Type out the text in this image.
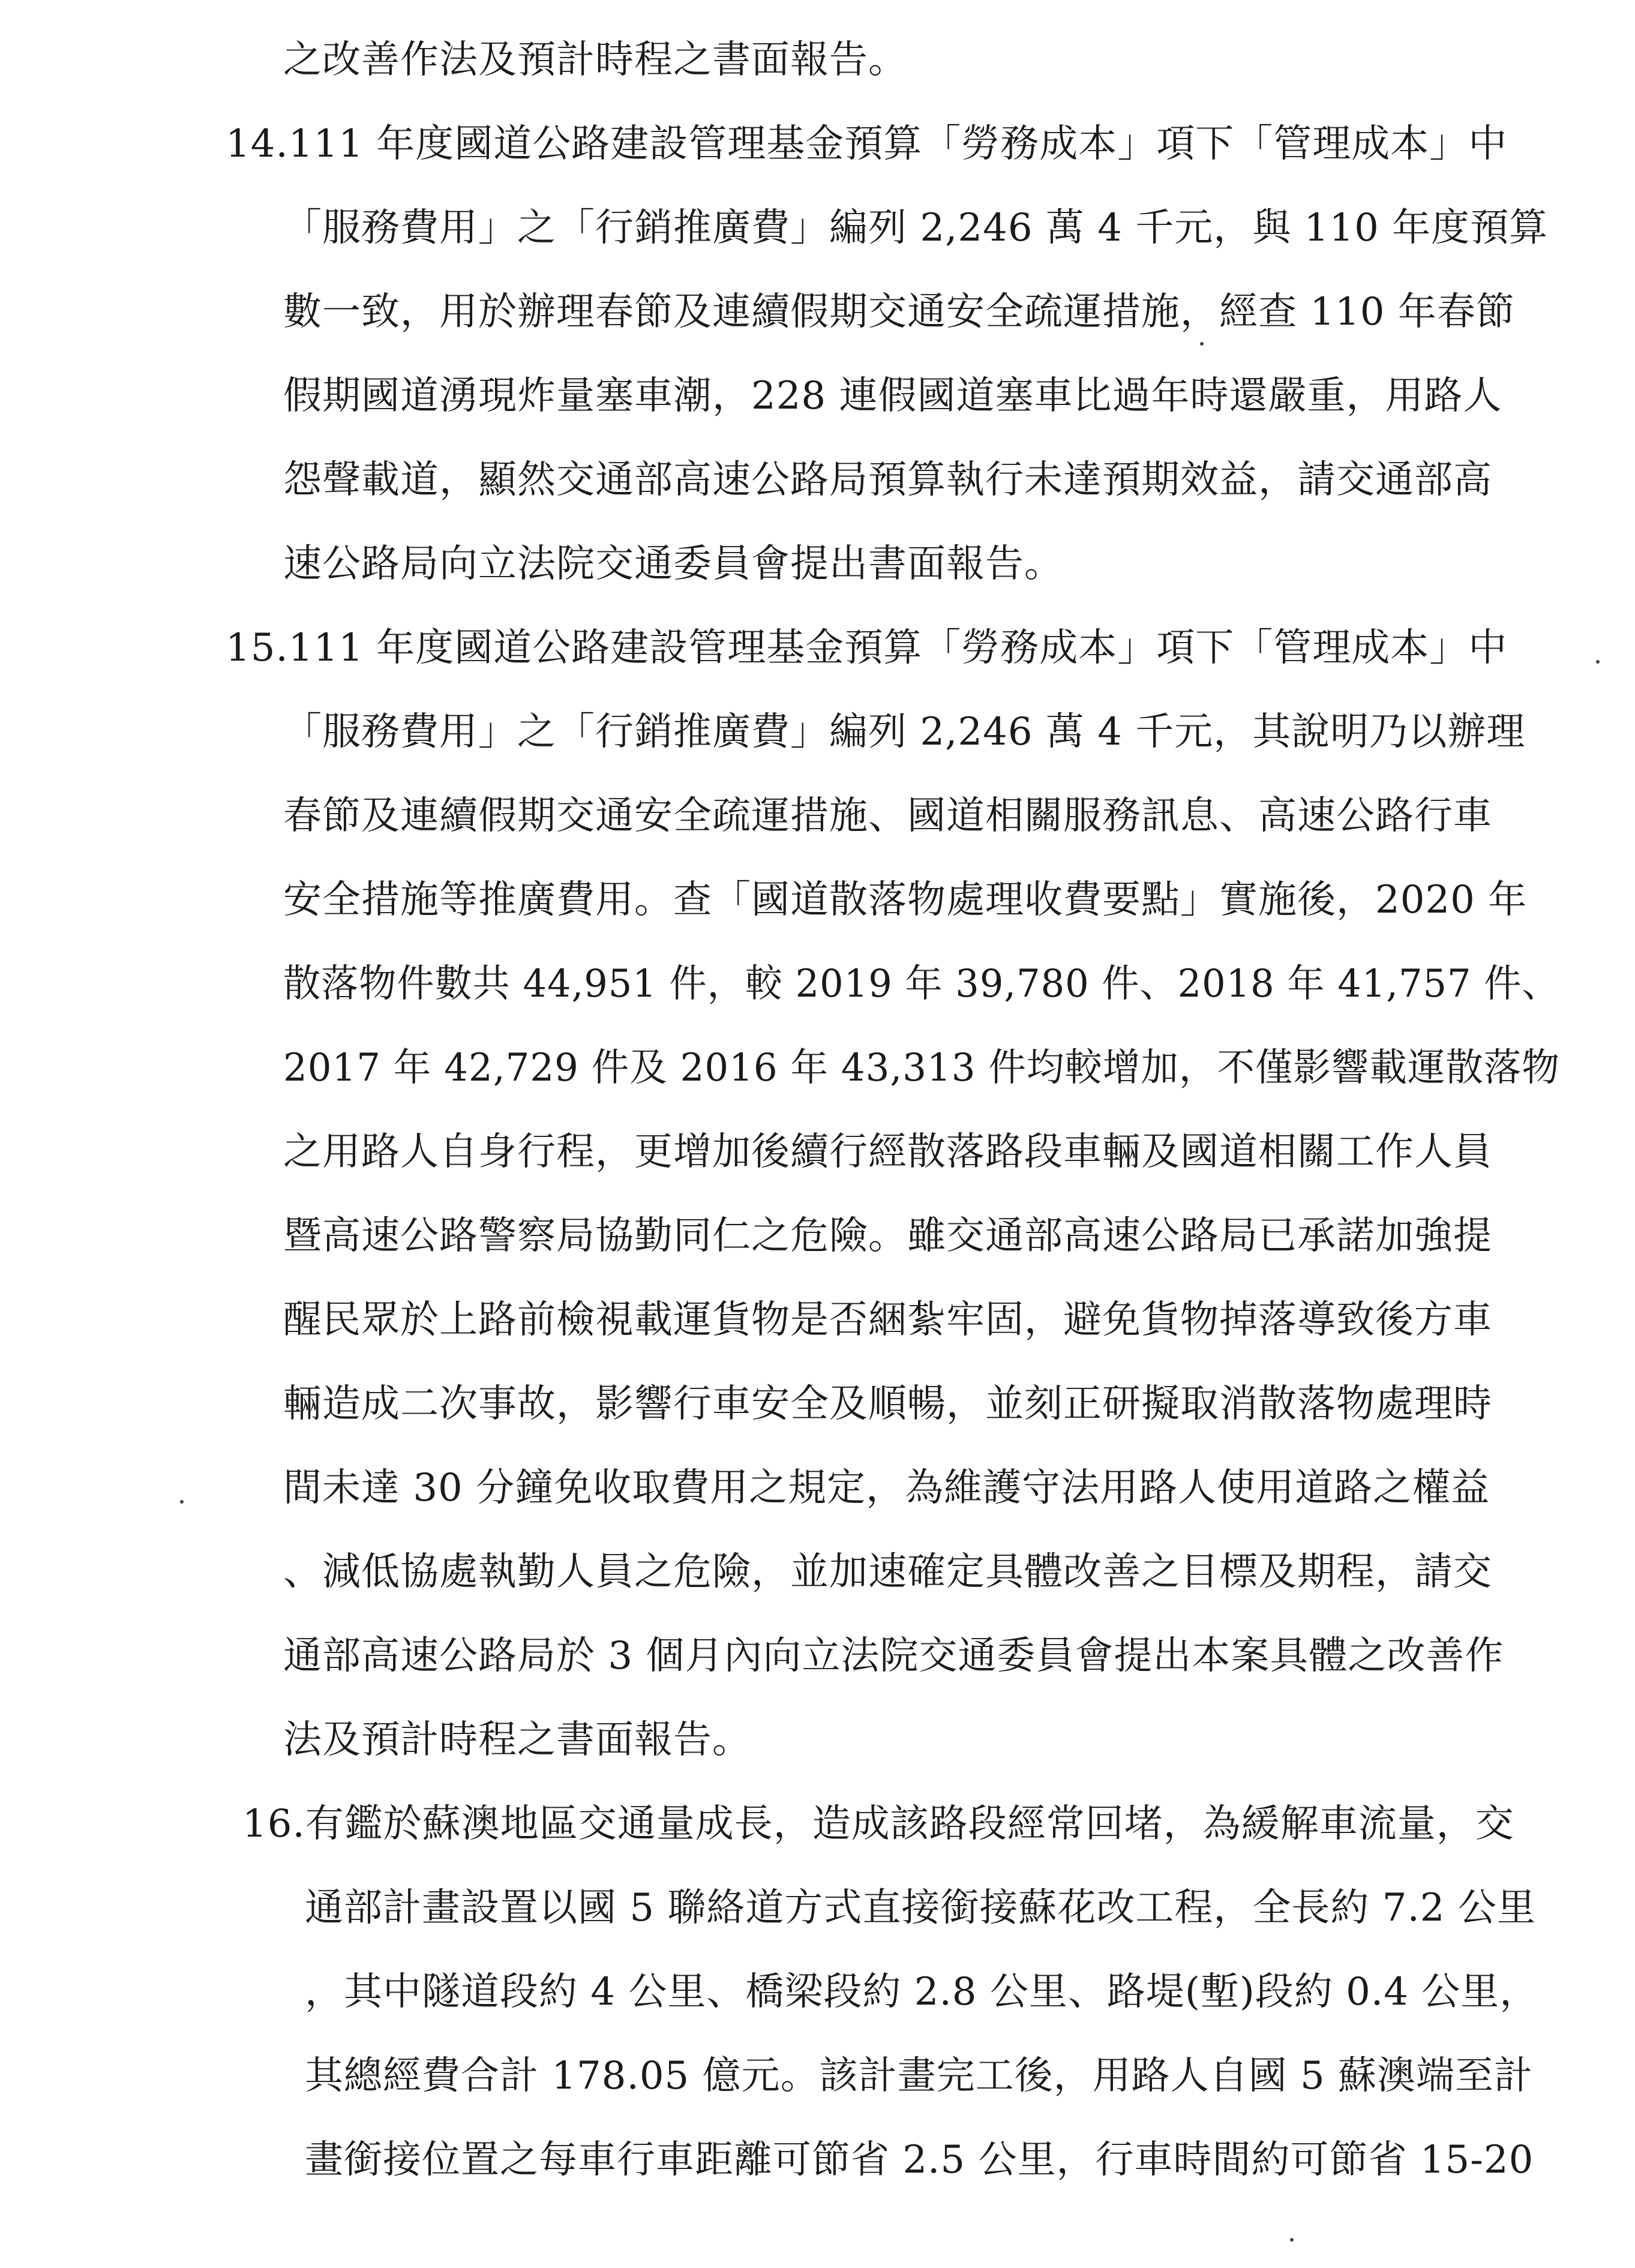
之改善作法及預計時程之書面報告。
14.111 年度國道公路建設管理基金預算「勞務成本」項下「管理成本」中
「服務費用」之「行銷推廣費」編列 2,246 萬 4 千元，與 110 年度預算
數一致，用於辦理春節及連續假期交通安全疏運措施，經查 110 年春節
假期國道湧現炸量塞車潮，228 連假國道塞車比過年時還嚴重，用路人
怨聲載道，顯然交通部高速公路局預算執行未達預期效益，請交通部高
速公路局向立法院交通委員會提出書面報告。
15.111 年度國道公路建設管理基金預算「勞務成本」項下「管理成本」中
「服務費用」之「行銷推廣費」編列 2,246 萬 4 千元，其說明乃以辦理
春節及連續假期交通安全疏運措施、國道相關服務訊息、高速公路行車
安全措施等推廣費用。查「國道散落物處理收費要點」實施後，2020 年
散落物件數共 44,951 件，較 2019 年 39,780 件、2018 年 41,757 件、
2017 年 42,729 件及 2016 年 43,313 件均較增加，不僅影響載運散落物
之用路人自身行程，更增加後續行經散落路段車輛及國道相關工作人員
暨高速公路警察局協勤同仁之危險。雖交通部高速公路局已承諾加強提
醒民眾於上路前檢視載運貨物是否綑紮牢固，避免貨物掉落導致後方車
輛造成二次事故，影響行車安全及順暢，並刻正研擬取消散落物處理時
間未達 30 分鐘免收取費用之規定，為維護守法用路人使用道路之權益
、減低協處執勤人員之危險，並加速確定具體改善之目標及期程，請交
通部高速公路局於 3 個月內向立法院交通委員會提出本案具體之改善作
法及預計時程之書面報告。
16.有鑑於蘇澳地區交通量成長，造成該路段經常回堵，為緩解車流量，交
通部計畫設置以國 5 聯絡道方式直接銜接蘇花改工程，全長約 7.2 公里
，其中隧道段約 4 公里、橋梁段約 2.8 公里、路堤(塹)段約 0.4 公里，
其總經費合計 178.05 億元。該計畫完工後，用路人自國 5 蘇澳端至計
畫銜接位置之每車行車距離可節省 2.5 公里，行車時間約可節省 15-20
